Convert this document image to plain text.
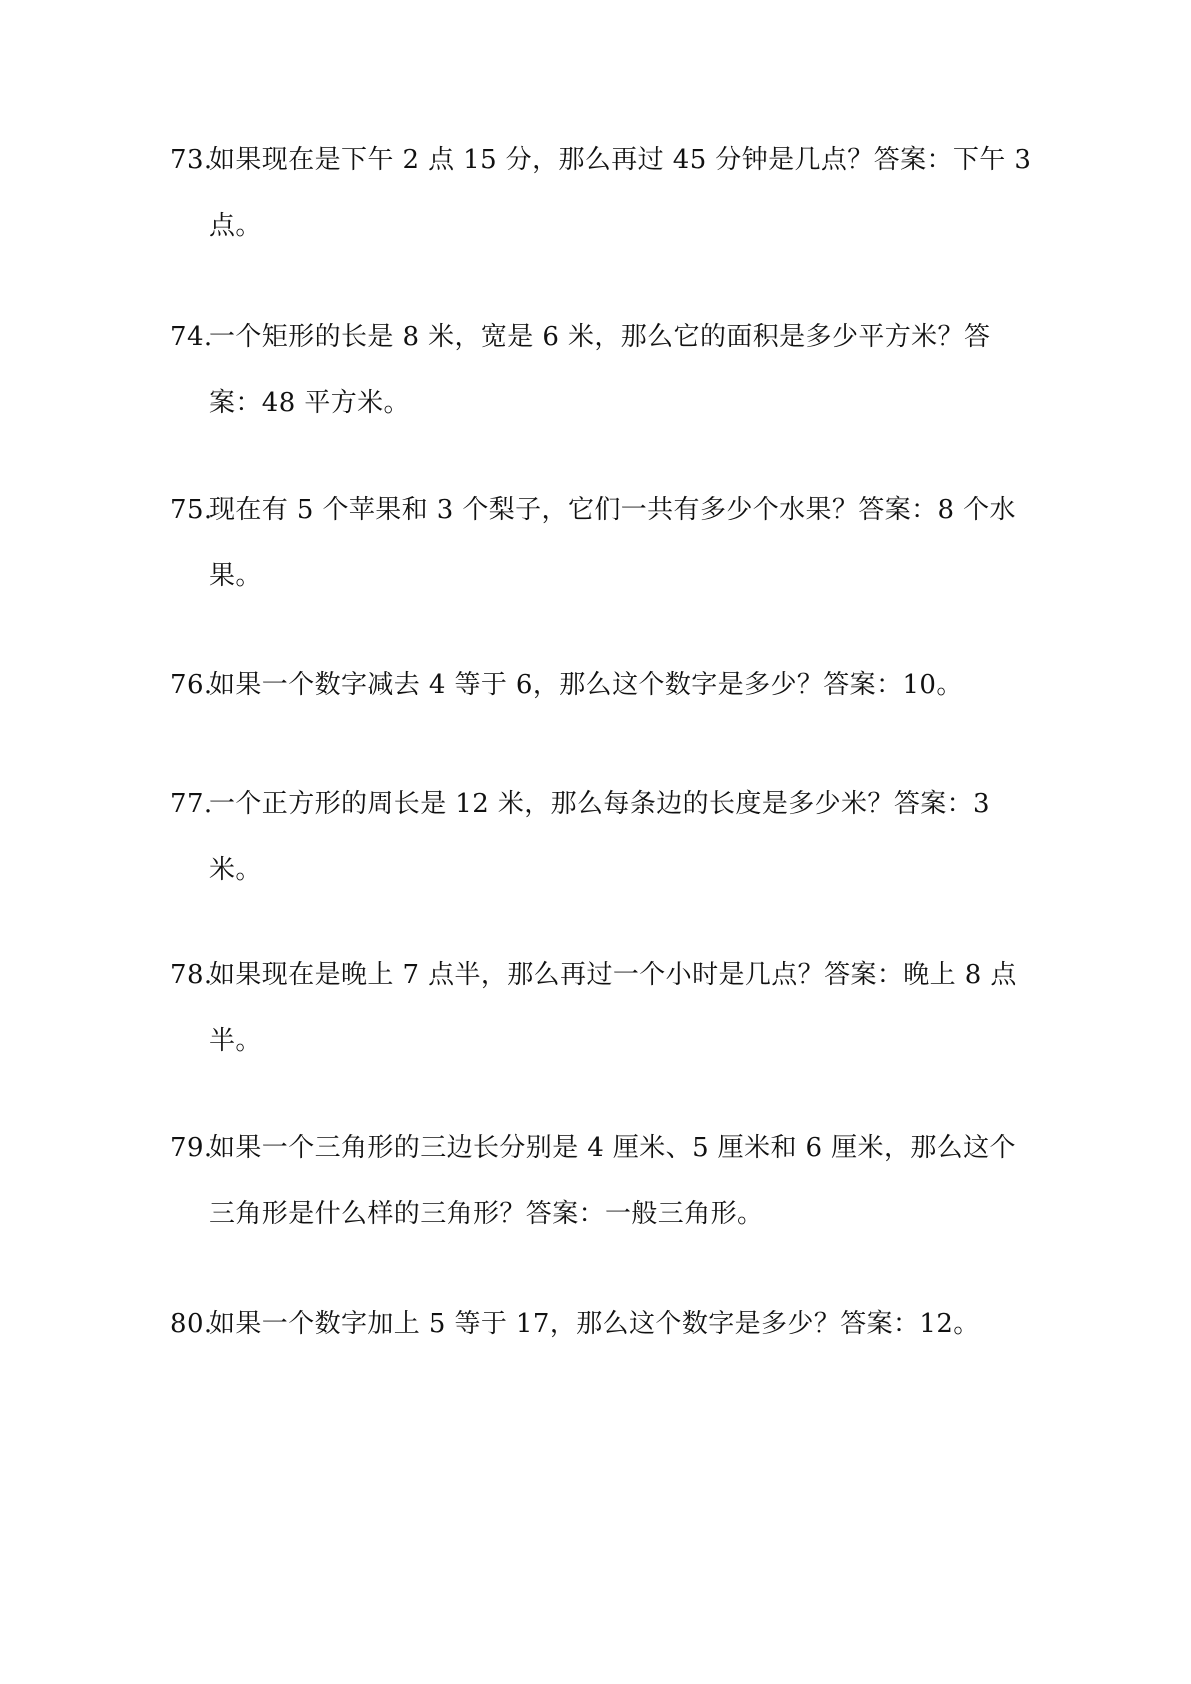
73.
如果现在是下午 2 点 15 分，那么再过 45 分钟是几点？答案：下午 3 点。

74.
一个矩形的长是 8 米，宽是 6 米，那么它的面积是多少平方米？答案：48 平方米。

75.
现在有 5 个苹果和 3 个梨子，它们一共有多少个水果？答案：8 个水果。

76.
如果一个数字减去 4 等于 6，那么这个数字是多少？答案：10。

77.
一个正方形的周长是 12 米，那么每条边的长度是多少米？答案：3 米。

78.
如果现在是晚上 7 点半，那么再过一个小时是几点？答案：晚上 8 点半。

79.
如果一个三角形的三边长分别是 4 厘米、5 厘米和 6 厘米，那么这个三角形是什么样的三角形？答案：一般三角形。

80.
如果一个数字加上 5 等于 17，那么这个数字是多少？答案：12。
